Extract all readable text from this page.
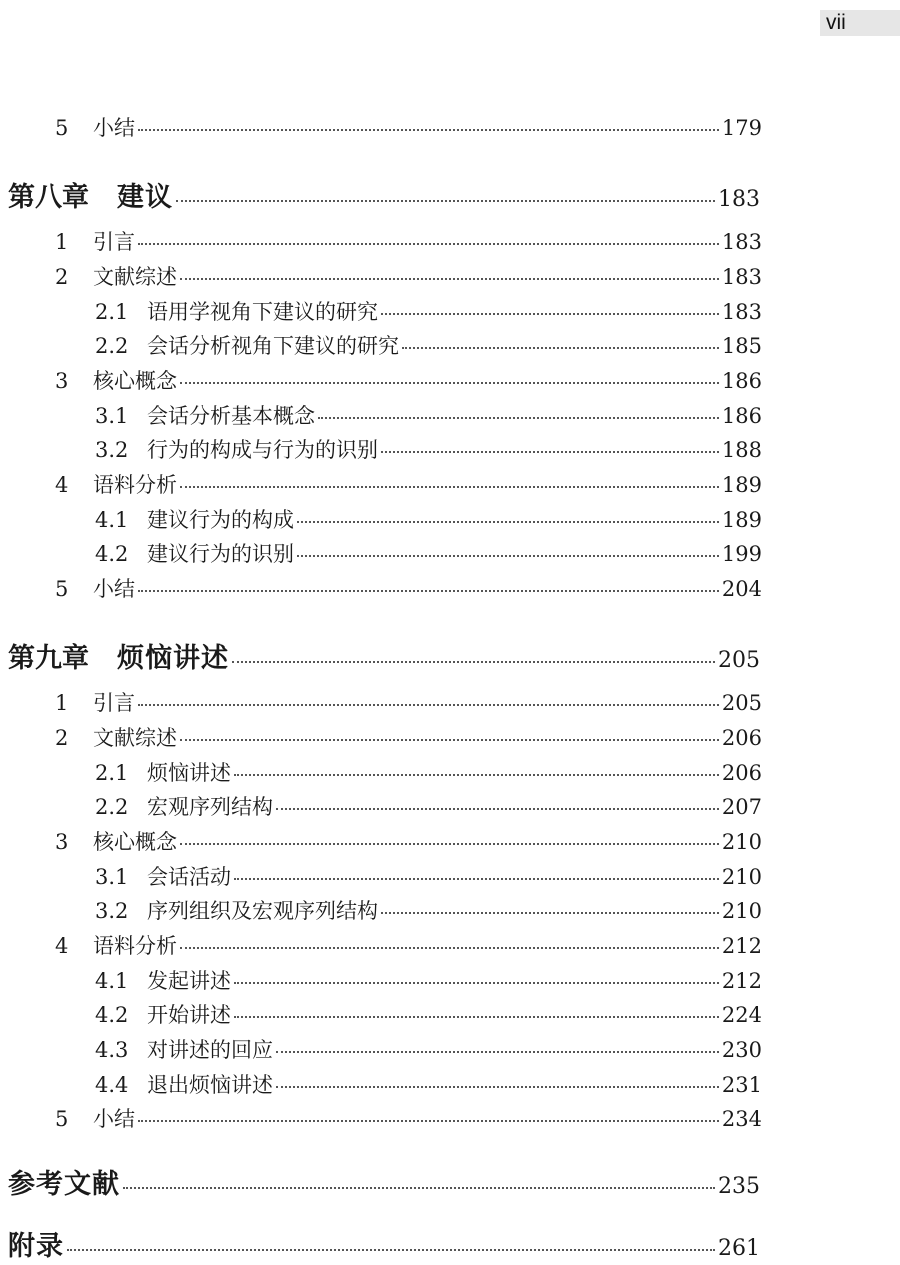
vii
5	小结	179
第八章 建议	183
1	引言	183
2	文献综述	183
2.1 语用学视角下建议的研究	183
2.2 会话分析视角下建议的研究	185
3	核心概念	186
3.1 会话分析基本概念	186
3.2 行为的构成与行为的识别	188
4	语料分析	189
4.1 建议行为的构成	189
4.2 建议行为的识别	199
5	小结	204
第九章 烦恼讲述	205
1	引言	205
2	文献综述	206
2.1 烦恼讲述	206
2.2 宏观序列结构	207
3	核心概念	210
3.1 会话活动	210
3.2 序列组织及宏观序列结构	210
4	语料分析	212
4.1 发起讲述	212
4.2 开始讲述	224
4.3 对讲述的回应	230
4.4 退出烦恼讲述	231
5	小结	234
参考文献	235
附录	261
